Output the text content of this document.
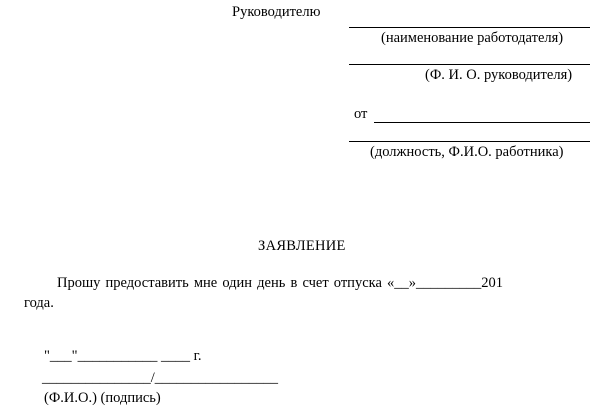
Руководителю
(наименование работодателя)
(Ф. И. О. руководителя)
от
(должность, Ф.И.О. работника)
ЗАЯВЛЕНИЕ
Прошу предоставить мне один день в счет отпуска «__»_________201
года.
"___"___________ ____ г.
_______________/_________________
(Ф.И.О.) (подпись)
